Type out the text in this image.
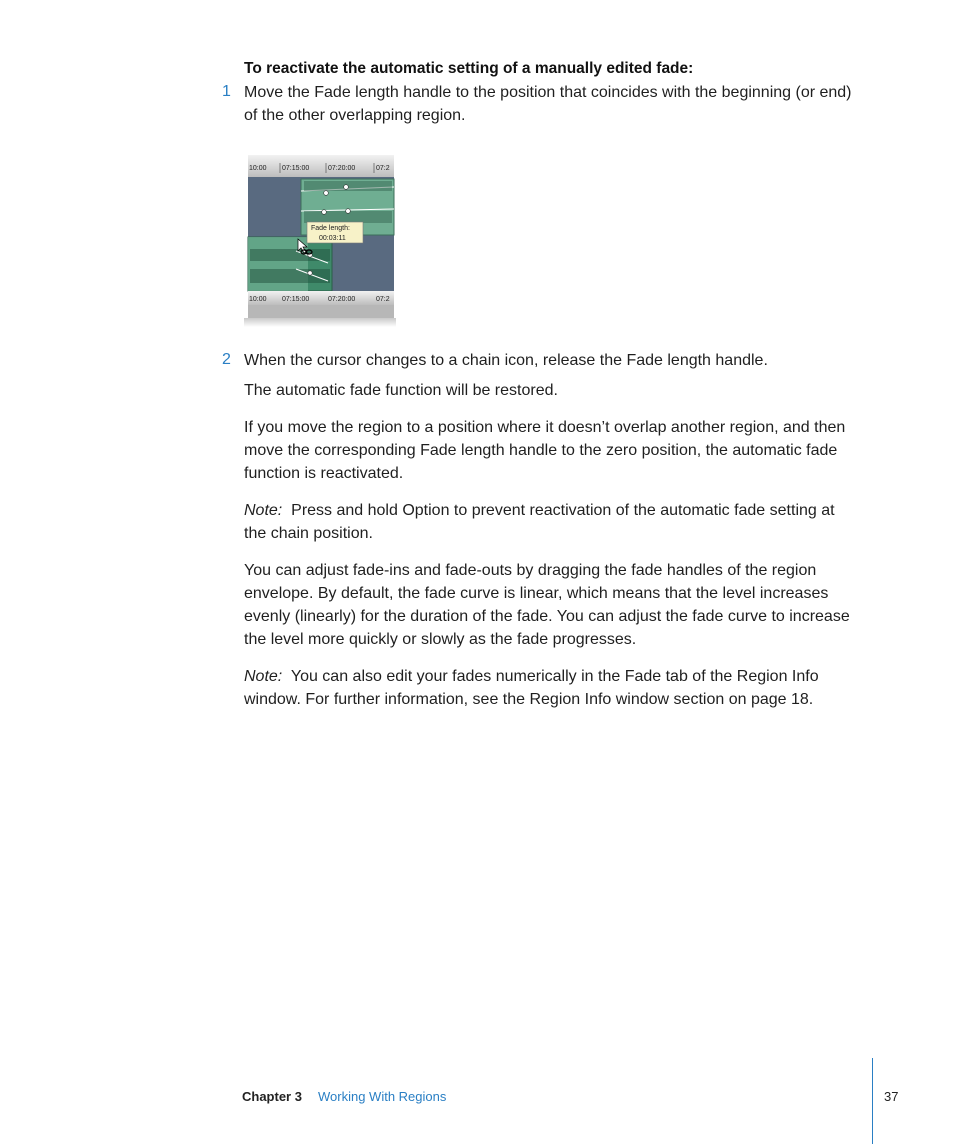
To reactivate the automatic setting of a manually edited fade:
1 Move the Fade length handle to the position that coincides with the beginning (or end) of the other overlapping region.
10:00 07:15:00	07:20:00	07:2
Fade length:
00:03:11
10:00 07:15:00	07:20:00	07:2
2 When the cursor changes to a chain icon, release the Fade length handle.
The automatic fade function will be restored.
If you move the region to a position where it doesn’t overlap another region, and then move the corresponding Fade length handle to the zero position, the automatic fade function is reactivated.
Note: Press and hold Option to prevent reactivation of the automatic fade setting at the chain position.
You can adjust fade-ins and fade-outs by dragging the fade handles of the region envelope. By default, the fade curve is linear, which means that the level increases evenly (linearly) for the duration of the fade. You can adjust the fade curve to increase the level more quickly or slowly as the fade progresses.
Note: You can also edit your fades numerically in the Fade tab of the Region Info window. For further information, see the Region Info window section on page 18.
Chapter 3 Working With Regions	37
